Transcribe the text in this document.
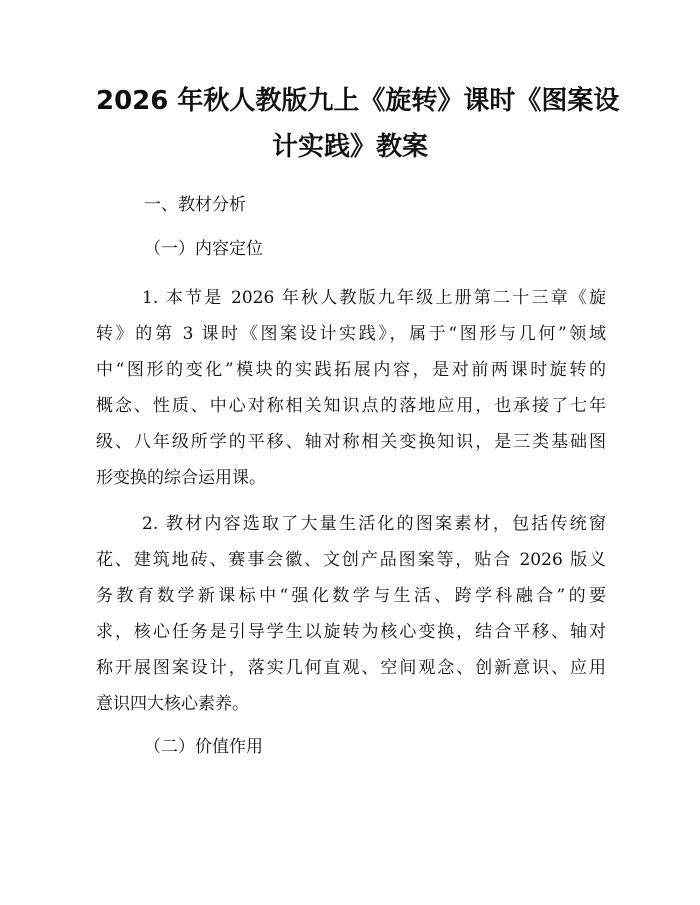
2026 年秋人教版九上《旋转》课时《图案设
计实践》教案

一、教材分析

（一）内容定位

1. 本节是 2026 年秋人教版九年级上册第二十三章《旋
转》的第 3 课时《图案设计实践》，属于“图形与几何”领域
中“图形的变化”模块的实践拓展内容，是对前两课时旋转的
概念、性质、中心对称相关知识点的落地应用，也承接了七年
级、八年级所学的平移、轴对称相关变换知识，是三类基础图
形变换的综合运用课。
2. 教材内容选取了大量生活化的图案素材，包括传统窗
花、建筑地砖、赛事会徽、文创产品图案等，贴合 2026 版义
务教育数学新课标中“强化数学与生活、跨学科融合”的要
求，核心任务是引导学生以旋转为核心变换，结合平移、轴对
称开展图案设计，落实几何直观、空间观念、创新意识、应用
意识四大核心素养。

（二）价值作用
